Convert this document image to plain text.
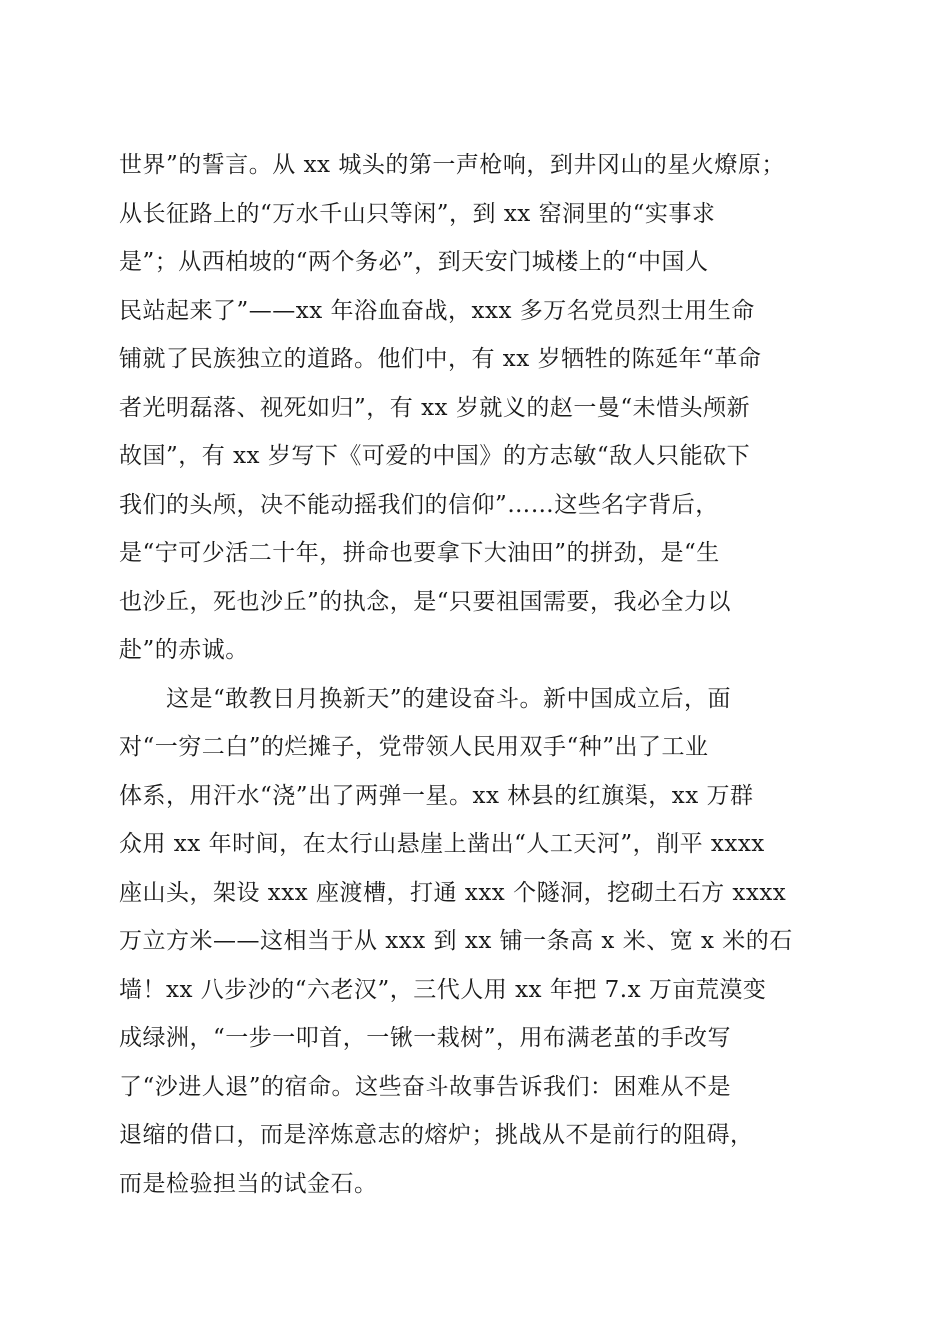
世界”的誓言。从 xx 城头的第一声枪响，到井冈山的星火燎原；
从长征路上的“万水千山只等闲”，到 xx 窑洞里的“实事求
是”；从西柏坡的“两个务必”，到天安门城楼上的“中国人
民站起来了”——xx 年浴血奋战，xxx 多万名党员烈士用生命
铺就了民族独立的道路。他们中，有 xx 岁牺牲的陈延年“革命
者光明磊落、视死如归”，有 xx 岁就义的赵一曼“未惜头颅新
故国”，有 xx 岁写下《可爱的中国》的方志敏“敌人只能砍下
我们的头颅，决不能动摇我们的信仰”……这些名字背后，
是“宁可少活二十年，拼命也要拿下大油田”的拼劲，是“生
也沙丘，死也沙丘”的执念，是“只要祖国需要，我必全力以
赴”的赤诚。
　　这是“敢教日月换新天”的建设奋斗。新中国成立后，面
对“一穷二白”的烂摊子，党带领人民用双手“种”出了工业
体系，用汗水“浇”出了两弹一星。xx 林县的红旗渠，xx 万群
众用 xx 年时间，在太行山悬崖上凿出“人工天河”，削平 xxxx
座山头，架设 xxx 座渡槽，打通 xxx 个隧洞，挖砌土石方 xxxx
万立方米——这相当于从 xxx 到 xx 铺一条高 x 米、宽 x 米的石
墙！xx 八步沙的“六老汉”，三代人用 xx 年把 7.x 万亩荒漠变
成绿洲，“一步一叩首，一锹一栽树”，用布满老茧的手改写
了“沙进人退”的宿命。这些奋斗故事告诉我们：困难从不是
退缩的借口，而是淬炼意志的熔炉；挑战从不是前行的阻碍，
而是检验担当的试金石。
